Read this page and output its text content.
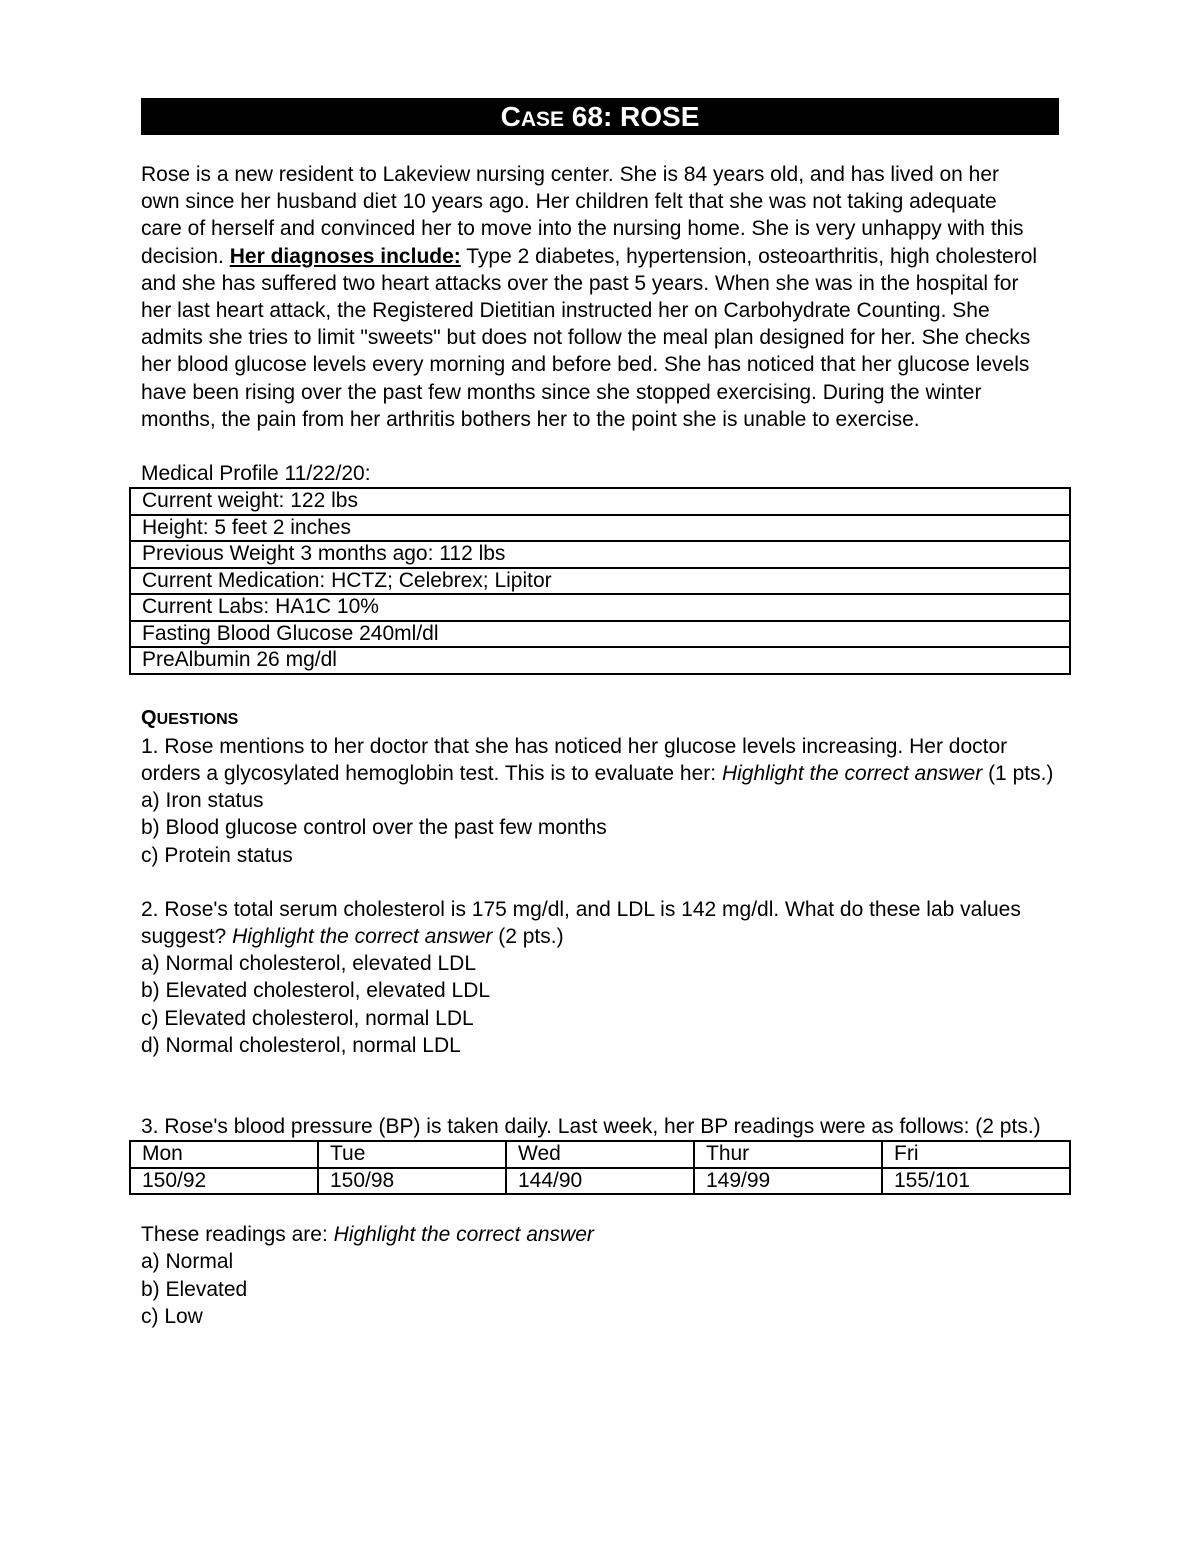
CASE 68: ROSE

Rose is a new resident to Lakeview nursing center. She is 84 years old, and has lived on her own since her husband diet 10 years ago. Her children felt that she was not taking adequate care of herself and convinced her to move into the nursing home. She is very unhappy with this decision. Her diagnoses include: Type 2 diabetes, hypertension, osteoarthritis, high cholesterol and she has suffered two heart attacks over the past 5 years. When she was in the hospital for her last heart attack, the Registered Dietitian instructed her on Carbohydrate Counting. She admits she tries to limit "sweets" but does not follow the meal plan designed for her. She checks her blood glucose levels every morning and before bed. She has noticed that her glucose levels have been rising over the past few months since she stopped exercising. During the winter months, the pain from her arthritis bothers her to the point she is unable to exercise.

Medical Profile 11/22/20:
Current weight: 122 lbs
Height: 5 feet 2 inches
Previous Weight 3 months ago: 112 lbs
Current Medication: HCTZ; Celebrex; Lipitor
Current Labs: HA1C 10%
Fasting Blood Glucose 240ml/dl
PreAlbumin 26 mg/dl
QUESTIONS

1. Rose mentions to her doctor that she has noticed her glucose levels increasing. Her doctor orders a glycosylated hemoglobin test. This is to evaluate her: Highlight the correct answer (1 pts.)

a) Iron status

b) Blood glucose control over the past few months

c) Protein status

2. Rose's total serum cholesterol is 175 mg/dl, and LDL is 142 mg/dl. What do these lab values suggest? Highlight the correct answer (2 pts.)

a) Normal cholesterol, elevated LDL

b) Elevated cholesterol, elevated LDL

c) Elevated cholesterol, normal LDL

d) Normal cholesterol, normal LDL

3. Rose's blood pressure (BP) is taken daily. Last week, her BP readings were as follows: (2 pts.)

Mon	Tue	Wed	Thur	Fri
150/92	150/98	144/90	149/99	155/101

These readings are: Highlight the correct answer

a) Normal

b) Elevated

c) Low
